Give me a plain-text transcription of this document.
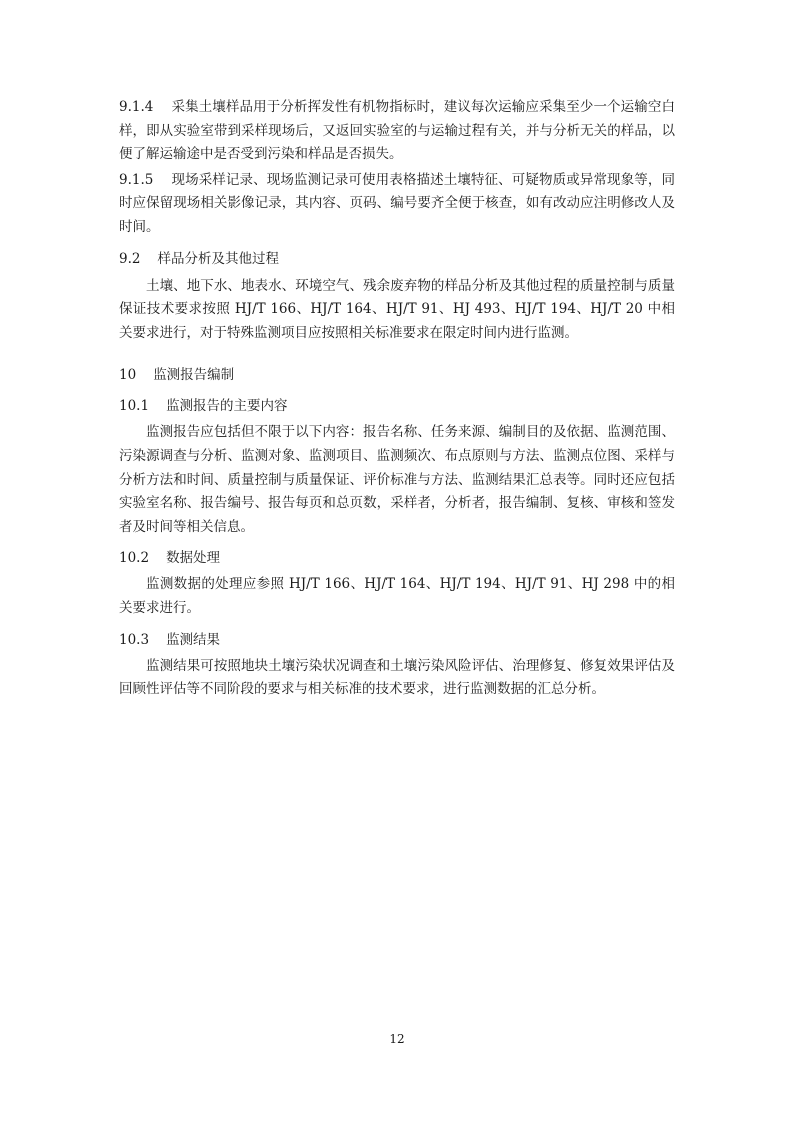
9.1.4 采集土壤样品用于分析挥发性有机物指标时，建议每次运输应采集至少一个运输空白样，即从实验室带到采样现场后，又返回实验室的与运输过程有关，并与分析无关的样品，以便了解运输途中是否受到污染和样品是否损失。

9.1.5 现场采样记录、现场监测记录可使用表格描述土壤特征、可疑物质或异常现象等，同时应保留现场相关影像记录，其内容、页码、编号要齐全便于核查，如有改动应注明修改人及时间。

9.2 样品分析及其他过程

土壤、地下水、地表水、环境空气、残余废弃物的样品分析及其他过程的质量控制与质量保证技术要求按照 HJ/T 166、HJ/T 164、HJ/T 91、HJ 493、HJ/T 194、HJ/T 20 中相关要求进行，对于特殊监测项目应按照相关标准要求在限定时间内进行监测。

10 监测报告编制

10.1 监测报告的主要内容

监测报告应包括但不限于以下内容：报告名称、任务来源、编制目的及依据、监测范围、污染源调查与分析、监测对象、监测项目、监测频次、布点原则与方法、监测点位图、采样与分析方法和时间、质量控制与质量保证、评价标准与方法、监测结果汇总表等。同时还应包括实验室名称、报告编号、报告每页和总页数，采样者，分析者，报告编制、复核、审核和签发者及时间等相关信息。

10.2 数据处理

监测数据的处理应参照 HJ/T 166、HJ/T 164、HJ/T 194、HJ/T 91、HJ 298 中的相关要求进行。

10.3 监测结果

监测结果可按照地块土壤污染状况调查和土壤污染风险评估、治理修复、修复效果评估及回顾性评估等不同阶段的要求与相关标准的技术要求，进行监测数据的汇总分析。

12
